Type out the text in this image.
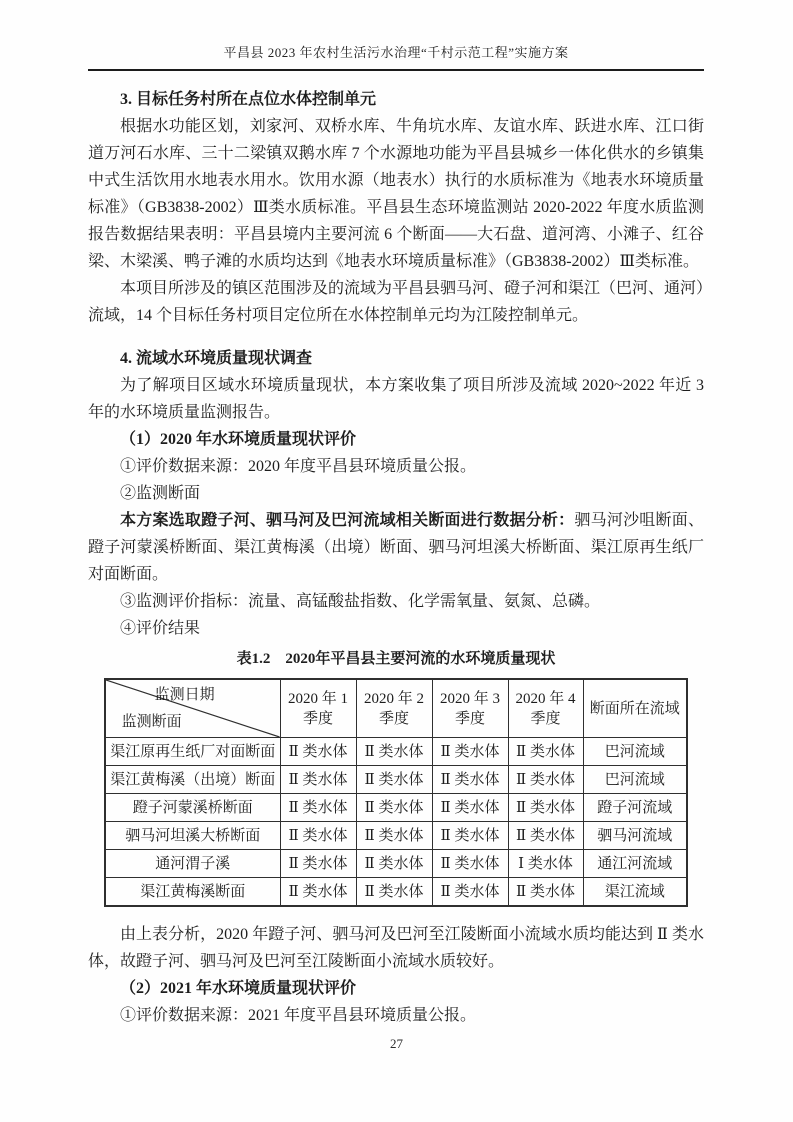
平昌县 2023 年农村生活污水治理“千村示范工程”实施方案

3. 目标任务村所在点位水体控制单元

根据水功能区划，刘家河、双桥水库、牛角坑水库、友谊水库、跃进水库、江口街道万河石水库、三十二梁镇双鹅水库 7 个水源地功能为平昌县城乡一体化供水的乡镇集中式生活饮用水地表水用水。饮用水源（地表水）执行的水质标准为《地表水环境质量标准》（GB3838-2002）Ⅲ类水质标准。平昌县生态环境监测站 2020-2022 年度水质监测报告数据结果表明：平昌县境内主要河流 6 个断面——大石盘、道河湾、小滩子、红谷梁、木梁溪、鸭子滩的水质均达到《地表水环境质量标准》（GB3838-2002）Ⅲ类标准。

本项目所涉及的镇区范围涉及的流域为平昌县驷马河、磴子河和渠江（巴河、通河）流域，14 个目标任务村项目定位所在水体控制单元均为江陵控制单元。

4. 流域水环境质量现状调查

为了解项目区域水环境质量现状，本方案收集了项目所涉及流域 2020~2022 年近 3 年的水环境质量监测报告。

（1）2020 年水环境质量现状评价

①评价数据来源：2020 年度平昌县环境质量公报。

②监测断面

本方案选取蹬子河、驷马河及巴河流域相关断面进行数据分析：驷马河沙咀断面、蹬子河蒙溪桥断面、渠江黄梅溪（出境）断面、驷马河坦溪大桥断面、渠江原再生纸厂对面断面。

③监测评价指标：流量、高锰酸盐指数、化学需氧量、氨氮、总磷。

④评价结果

表1.2　2020年平昌县主要河流的水环境质量现状

监测日期
监测断面	2020 年 1 季度	2020 年 2 季度	2020 年 3 季度	2020 年 4 季度	断面所在流域
渠江原再生纸厂对面断面	Ⅱ 类水体	Ⅱ 类水体	Ⅱ 类水体	Ⅱ 类水体	巴河流域
渠江黄梅溪（出境）断面	Ⅱ 类水体	Ⅱ 类水体	Ⅱ 类水体	Ⅱ 类水体	巴河流域
蹬子河蒙溪桥断面	Ⅱ 类水体	Ⅱ 类水体	Ⅱ 类水体	Ⅱ 类水体	蹬子河流域
驷马河坦溪大桥断面	Ⅱ 类水体	Ⅱ 类水体	Ⅱ 类水体	Ⅱ 类水体	驷马河流域
通河渭子溪	Ⅱ 类水体	Ⅱ 类水体	Ⅱ 类水体	Ⅰ 类水体	通江河流域
渠江黄梅溪断面	Ⅱ 类水体	Ⅱ 类水体	Ⅱ 类水体	Ⅱ 类水体	渠江流域

由上表分析，2020 年蹬子河、驷马河及巴河至江陵断面小流域水质均能达到 Ⅱ 类水体，故蹬子河、驷马河及巴河至江陵断面小流域水质较好。

（2）2021 年水环境质量现状评价

①评价数据来源：2021 年度平昌县环境质量公报。

27
